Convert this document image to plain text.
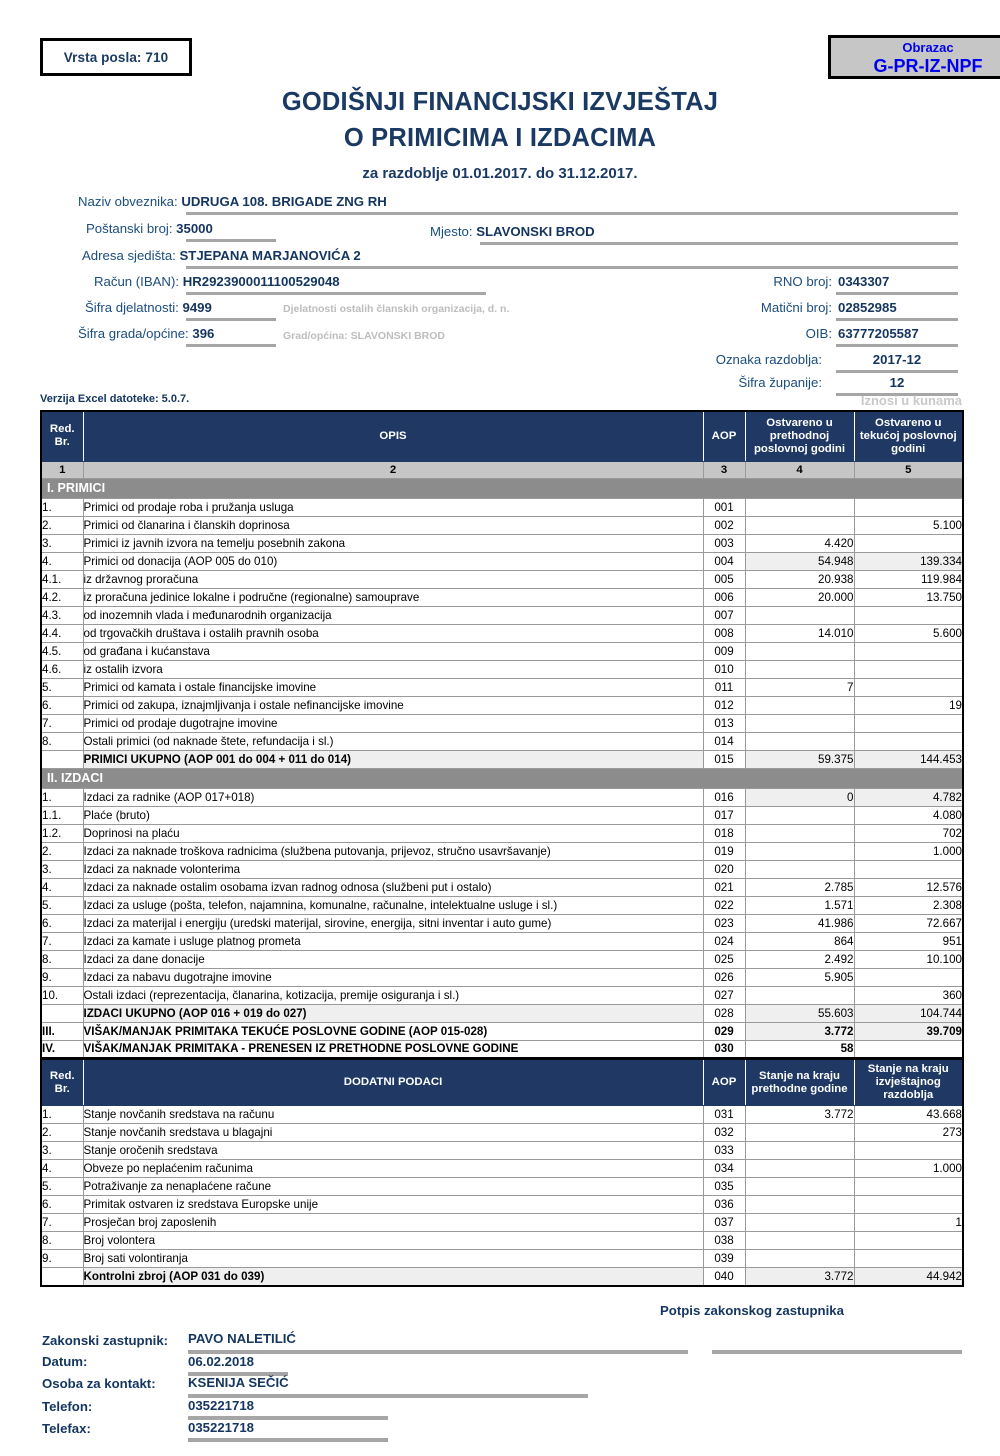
Vrsta posla: 710
Obrazac
G-PR-IZ-NPF
GODIŠNJI FINANCIJSKI IZVJEŠTAJ
O PRIMICIMA I IZDACIMA
za razdoblje 01.01.2017. do 31.12.2017.
Naziv obveznika: UDRUGA 108. BRIGADE ZNG RH
Poštanski broj: 35000	Mjesto: SLAVONSKI BROD
Adresa sjedišta: STJEPANA MARJANOVIĆA 2
Račun (IBAN): HR2923900011100529048
Šifra djelatnosti: 9499	Djelatnosti ostalih članskih organizacija, d. n.
Šifra grada/općine: 396	Grad/općina: SLAVONSKI BROD
RNO broj: 0343307
Matični broj: 02852985
OIB: 63777205587
Oznaka razdoblja:	2017-12
Šifra županije:	12
Verzija Excel datoteke: 5.0.7.	Iznosi u kunama
Red.
Br.	OPIS	AOP	Ostvareno u prethodnoj poslovnoj godini	Ostvareno u tekućoj poslovnoj godini
1	2	3	4	5
I. PRIMICI				
1.	Primici od prodaje roba i pružanja usluga	001		
2.	Primici od članarina i članskih doprinosa	002		5.100
3.	Primici iz javnih izvora na temelju posebnih zakona	003	4.420	
4.	Primici od donacija (AOP 005 do 010)	004	54.948	139.334
4.1.	iz državnog proračuna	005	20.938	119.984
4.2.	iz proračuna jedinice lokalne i područne (regionalne) samouprave	006	20.000	13.750
4.3.	od inozemnih vlada i međunarodnih organizacija	007		
4.4.	od trgovačkih društava i ostalih pravnih osoba	008	14.010	5.600
4.5.	od građana i kućanstava	009		
4.6.	iz ostalih izvora	010		
5.	Primici od kamata i ostale financijske imovine	011	7	
6.	Primici od zakupa, iznajmljivanja i ostale nefinancijske imovine	012		19
7.	Primici od prodaje dugotrajne imovine	013		
8.	Ostali primici (od naknade štete, refundacija i sl.)	014		
	PRIMICI UKUPNO (AOP 001 do 004 + 011 do 014)	015	59.375	144.453
II. IZDACI				
1.	Izdaci za radnike (AOP 017+018)	016	0	4.782
1.1.	Plaće (bruto)	017		4.080
1.2.	Doprinosi na plaću	018		702
2.	Izdaci za naknade troškova radnicima (službena putovanja, prijevoz, stručno usavršavanje)	019		1.000
3.	Izdaci za naknade volonterima	020		
4.	Izdaci za naknade ostalim osobama izvan radnog odnosa (službeni put i ostalo)	021	2.785	12.576
5.	Izdaci za usluge (pošta, telefon, najamnina, komunalne, računalne, intelektualne usluge i sl.)	022	1.571	2.308
6.	Izdaci za materijal i energiju (uredski materijal, sirovine, energija, sitni inventar i auto gume)	023	41.986	72.667
7.	Izdaci za kamate i usluge platnog prometa	024	864	951
8.	Izdaci za dane donacije	025	2.492	10.100
9.	Izdaci za nabavu dugotrajne imovine	026	5.905	
10.	Ostali izdaci (reprezentacija, članarina, kotizacija, premije osiguranja i sl.)	027		360
	IZDACI UKUPNO (AOP 016 + 019 do 027)	028	55.603	104.744
III.	VIŠAK/MANJAK PRIMITAKA TEKUĆE POSLOVNE GODINE (AOP 015-028)	029	3.772	39.709
IV.	VIŠAK/MANJAK PRIMITAKA - PRENESEN IZ PRETHODNE POSLOVNE GODINE	030	58	
Red.
Br.	DODATNI PODACI	AOP	Stanje na kraju prethodne godine	Stanje na kraju izvještajnog razdoblja
1.	Stanje novčanih sredstava na računu	031	3.772	43.668
2.	Stanje novčanih sredstava u blagajni	032		273
3.	Stanje oročenih sredstava	033		
4.	Obveze po neplaćenim računima	034		1.000
5.	Potraživanje za nenaplaćene račune	035		
6.	Primitak ostvaren iz sredstava Europske unije	036		
7.	Prosječan broj zaposlenih	037		1
8.	Broj volontera	038		
9.	Broj sati volontiranja	039		
	Kontrolni zbroj (AOP 031 do 039)	040	3.772	44.942
Potpis zakonskog zastupnika
Zakonski zastupnik: PAVO NALETILIĆ
Datum:	06.02.2018
Osoba za kontakt: KSENIJA SEČIĆ
Telefon:	035221718
Telefax:	035221718
